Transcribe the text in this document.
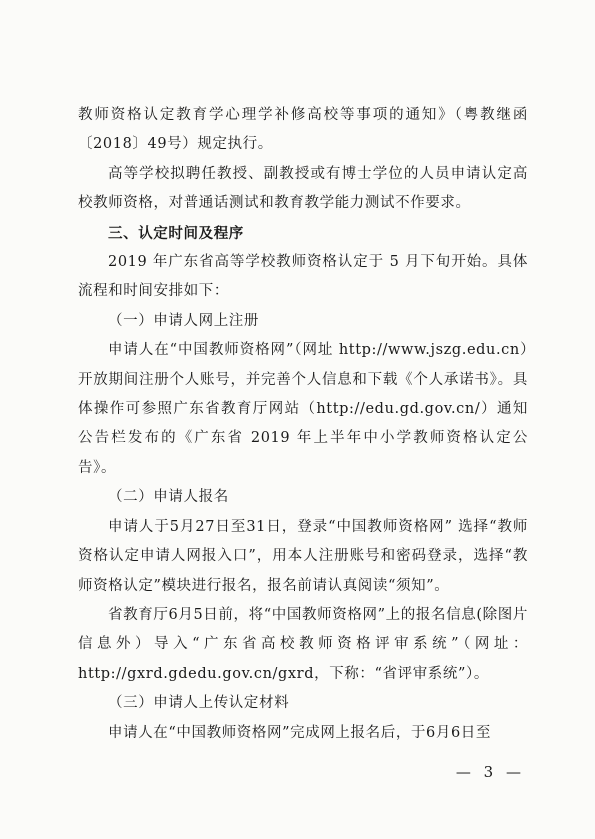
教师资格认定教育学心理学补修高校等事项的通知》（粤教继函〔2018〕49号）规定执行。

高等学校拟聘任教授、副教授或有博士学位的人员申请认定高校教师资格，对普通话测试和教育教学能力测试不作要求。

三、认定时间及程序

2019 年广东省高等学校教师资格认定于 5 月下旬开始。具体流程和时间安排如下：

（一）申请人网上注册

申请人在“中国教师资格网”（网址 http://www.jszg.edu.cn）开放期间注册个人账号，并完善个人信息和下载《个人承诺书》。具体操作可参照广东省教育厅网站（http://edu.gd.gov.cn/）通知公告栏发布的《广东省 2019 年上半年中小学教师资格认定公告》。

（二）申请人报名

申请人于5月27日至31日，登录“中国教师资格网” 选择“教师资格认定申请人网报入口”，用本人注册账号和密码登录，选择“教师资格认定”模块进行报名，报名前请认真阅读“须知”。

省教育厅6月5日前，将“中国教师资格网”上的报名信息(除图片信息外）导入“广东省高校教师资格评审系统”（网址：http://gxrd.gdedu.gov.cn/gxrd，下称：“省评审系统”）。

（三）申请人上传认定材料

申请人在“中国教师资格网”完成网上报名后，于6月6日至

— 3 —
